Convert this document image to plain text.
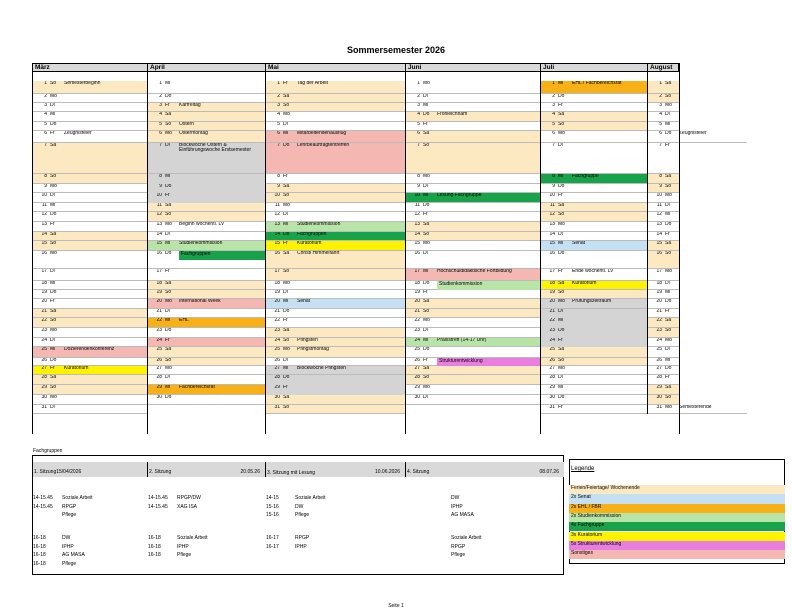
Sommersemester 2026
März
1 So Semesterbeginn
2 Mo
3 Di
4 Mi
5 Do
6 Fr Zeugnisfeier
7 Sa
8 So
9 Mo
10 Di
11 Mi
12 Do
13 Fr
14 Sa
15 So
16 Mo
17 Di
18 Mi
19 Do
20 Fr
21 Sa
22 So
23 Mo
24 Di
25 Mi Dozierendenkonferenz
26 Do
27 Fr Kuratorium
28 Sa
29 So
30 Mo
31 Di
April
1 Mi
2 Do
3 Fr Karfreitag
4 Sa
5 So Ostern
6 Mo Ostermontag
7 Di Blockwoche Ostern & Einführungswoche Erstsemester
8 Mi
9 Do
10 Fr
11 Sa
12 So
13 Mo Beginn wöchentl. LV
14 Di
15 Mi Studienkommission
16 Do
17 Fr
18 Sa
19 So
20 Mo International Week
21 Di
22 Mi EHL
23 Do
24 Fr
25 Sa
26 So
27 Mo
28 Di
29 Mi Fachbereichsrat
30 Do
Mai
1 Fr Tag der Arbeit
2 Sa
3 So
4 Mo
5 Di
6 Mi Mitarbeitendenausflug
7 Do Lehrbeauftragtentreffen
8 Fr
9 Sa
10 So
11 Mo
12 Di
13 Mi Studienkommission
14 Do Fachgruppen
15 Fr Kuratorium
16 Sa Christi Himmelfahrt
17 So
18 Mo
19 Di
20 Mi Senat
21 Do
22 Fr
23 Sa
24 So Pfingsten
25 Mo Pfingstmontag
26 Di
27 Mi Blockwoche Pfingsten
28 Do
29 Fr
30 Sa
31 So
Juni
1 Mo
2 Di
3 Mi
4 Do Fronleichnam
5 Fr
6 Sa
7 So
8 Mo
9 Di
10 Mi Lesung Fachgruppe
11 Do
12 Fr
13 Sa
14 So
15 Mo
16 Di
17 Mi Hochschuldidaktische Fortbildung
18 Do
19 Fr
20 Sa
21 So
22 Mo
23 Di
24 Mi Praxistreff (14-17 Uhr)
25 Do
26 Fr
27 Sa
28 So
29 Mo
30 Di
Juli
1 Mi EHL / Fachbereichsrat
2 Do
3 Fr
4 Sa
5 So
6 Mo
7 Di
8 Mi Fachgruppe
9 Do
10 Fr
11 Sa
12 So
13 Mo
14 Di
15 Mi Senat
16 Do
17 Fr Ende wöchentl. LV
18 Sa Kuratorium
19 So
20 Mo Prüfungszeitraum
21 Di
22 Mi
23 Do
24 Fr
25 Sa
26 So
27 Mo
28 Di
29 Mi
30 Do
31 Fr
August
1 Sa
2 So
3 Mo
4 Di
5 Mi
6 Do Zeugnisfeier
7 Fr
8 Sa
9 So
10 Mo
11 Di
12 Mi
13 Do
14 Fr
15 Sa
16 So
17 Mo
18 Di
19 Mi
20 Do
21 Fr
22 Sa
23 So
24 Mo
25 Di
26 Mi
27 Do
28 Fr
29 Sa
30 So
31 Mo Semesterende
Fachgruppen
Studienkommission
Strukturentwicklung
Fachgruppen
1. Sitzung15/04/2026
14-15.45 Soziale Arbeit
14-15.45 RPGP
Pflege
16-18	DW
16-18	IPHP
16-18	AG MASA
16-18	Pflege
2. Sitzung	20.05.26
14-15.45 RPGP/DW
14-15.45 XAG ISA
16-18	Soziale Arbeit
16-18	IPHP
16-18	Pflege
3. Sitzung mit Lesung	10.06.2026
14-15	Soziale Arbeit
15-16	DW
15-16	Pflege
16-17	RPGP
16-17	IPHP
4. Sitzung	08.07.26
DW
IPHP
AG MASA
Soziale Arbeit
RPGP
Pflege
Legende
Ferien/Feiertage/ Wochenende
2x Senat
2x EHL / FBR
2x Studienkommission
4x Fachgruppe
3x Kuratorium
5x Strukturentwicklung
Sonstiges
Seite 1
